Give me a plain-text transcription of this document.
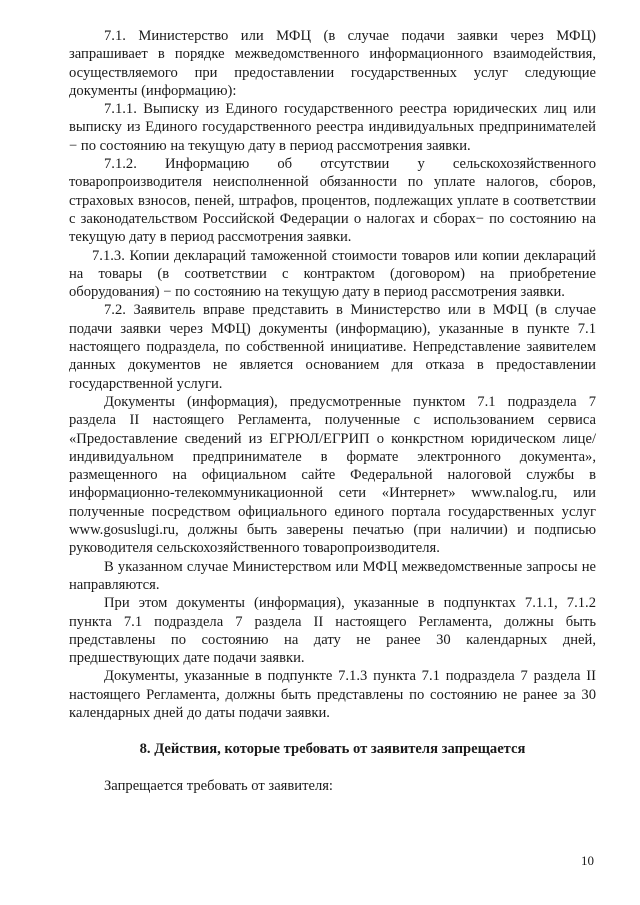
7.1. Министерство или МФЦ (в случае подачи заявки через МФЦ) запрашивает в порядке межведомственного информационного взаимодействия, осуществляемого при предоставлении государственных услуг следующие документы (информацию):

7.1.1. Выписку из Единого государственного реестра юридических лиц или выписку из Единого государственного реестра индивидуальных предпринимателей − по состоянию на текущую дату в период рассмотрения заявки.

7.1.2. Информацию об отсутствии у сельскохозяйственного товаропроизводителя неисполненной обязанности по уплате налогов, сборов, страховых взносов, пеней, штрафов, процентов, подлежащих уплате в соответствии с законодательством Российской Федерации о налогах и сборах− по состоянию на текущую дату в период рассмотрения заявки.

7.1.3. Копии деклараций таможенной стоимости товаров или копии деклараций на товары (в соответствии с контрактом (договором) на приобретение оборудования) − по состоянию на текущую дату в период рассмотрения заявки.

7.2. Заявитель вправе представить в Министерство или в МФЦ (в случае подачи заявки через МФЦ) документы (информацию), указанные в пункте 7.1 настоящего подраздела, по собственной инициативе. Непредставление заявителем данных документов не является основанием для отказа в предоставлении государственной услуги.

Документы (информация), предусмотренные пунктом 7.1 подраздела 7 раздела II настоящего Регламента, полученные с использованием сервиса «Предоставление сведений из ЕГРЮЛ/ЕГРИП о конкрстном юридическом лице/индивидуальном предпринимателе в формате электронного документа», размещенного на официальном сайте Федеральной налоговой службы в информационно-телекоммуникационной сети «Интернет» www.nalog.ru, или полученные посредством официального единого портала государственных услуг www.gosuslugi.ru, должны быть заверены печатью (при наличии) и подписью руководителя сельскохозяйственного товаропроизводителя.

В указанном случае Министерством или МФЦ межведомственные запросы не направляются.

При этом документы (информация), указанные в подпунктах 7.1.1, 7.1.2 пункта 7.1 подраздела 7 раздела II настоящего Регламента, должны быть представлены по состоянию на дату не ранее 30 календарных дней, предшествующих дате подачи заявки.

Документы, указанные в подпункте 7.1.3 пункта 7.1 подраздела 7 раздела II настоящего Регламента, должны быть представлены по состоянию не ранее за 30 календарных дней до даты подачи заявки.

8. Действия, которые требовать от заявителя запрещается

Запрещается требовать от заявителя:

10
